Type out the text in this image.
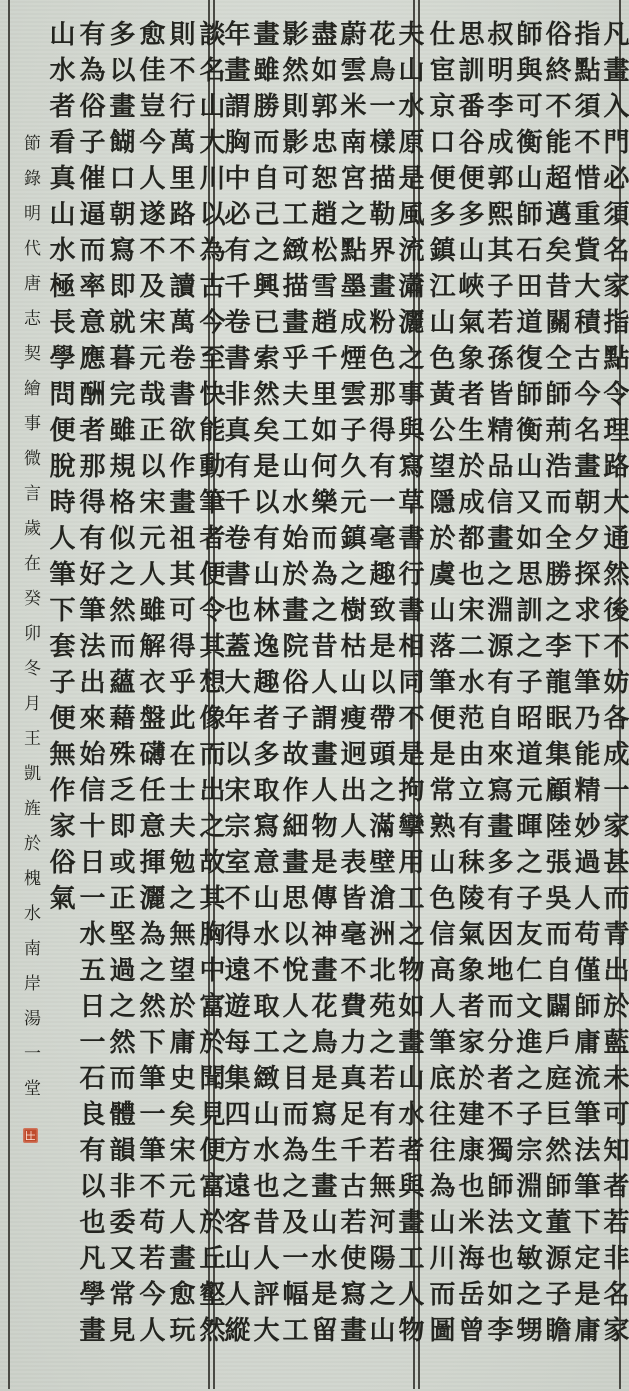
凡畫入門必須名家指點令理路大通然後不妨各成一家甚而青出於藍未可知者若非名家
指點須不惜重貲大積古今名畫朝夕探求下筆乃能精妙過人苟僅師庸流筆法筆下定是庸
俗終不能超邁矣昔關仝師荊浩而全勝之李龍眠集顧陸張吳而自闢戶庭巨然師董源子瞻
師與可衡山師石田道復師衡山又如思訓之子昭道元暉之子友仁文進之子宗淵文敏之甥
叔明李成郭熙其子若孫皆精品信畫之淵源有自來寫畫多有因地而分者不獨師法也如李
思訓番谷便多山峽氣象者生於成都也宋二水范由立有秣陵氣象者家於建康也米海岳曾
仕宦京口便多鎮江山色黃公望隱於虞山落筆便是常熟山色信高人筆底往往為山川而圖
夫山水原是風流瀟灑之事與寫草書行書相同不是拘攣用工之物如畫山水者與畫工人物
花鳥一樣描勒界畫粉色那得有一毫趣致是以帶頭之滿壁滄洲北苑之若有若無河陽之山
蔚雲米南宮之點墨成煙雲子久元鎮之樹枯山瘦迥出人表皆毫不費力真足千古若使寫畫
盡如郭忠恕趙松雪趙千里如何樂而為之昔人謂畫人物是傳神畫花鳥是寫生畫山水是留
影然則影可工緻描畫乎夫工山水始於畫院俗子故作細畫思以悅人之目而為之及一幅工
畫雖勝而自己之興已索然矣是以有山林逸趣者多取寫意山水不取工緻山水也昔人評大
年畫謂胸中必有千卷書非真有千卷書也蓋大年以宋宗室不得遠遊每集四方遠客山人縱
談名山大川以為古今至快能動筆者便令其想像而出之故其胸中富於聞見便富於丘壑然
則不行萬里路不讀萬卷書欲作畫祖其可得乎此在士夫勉之無望於庸史矣宋元人畫愈玩
愈佳豈今人遂不及宋元哉正以宋元人雖解衣盤礴任意揮灑為之然下筆一筆不苟若今人
多以畫餬口朝寫即就暮完雖規格似之然而蘊藉殊乏即或正堅過之然而體韻非委又常見
有為俗子催逼而率意應酬者那得有好筆法出來始信十日一水五日一石良有以也凡學畫
山水者看真山水極長學問便脫時人筆下套子便無作家俗氣
節錄明代唐志契繪事微言歲在癸卯冬月王凱旌於槐水南岸湯一堂
